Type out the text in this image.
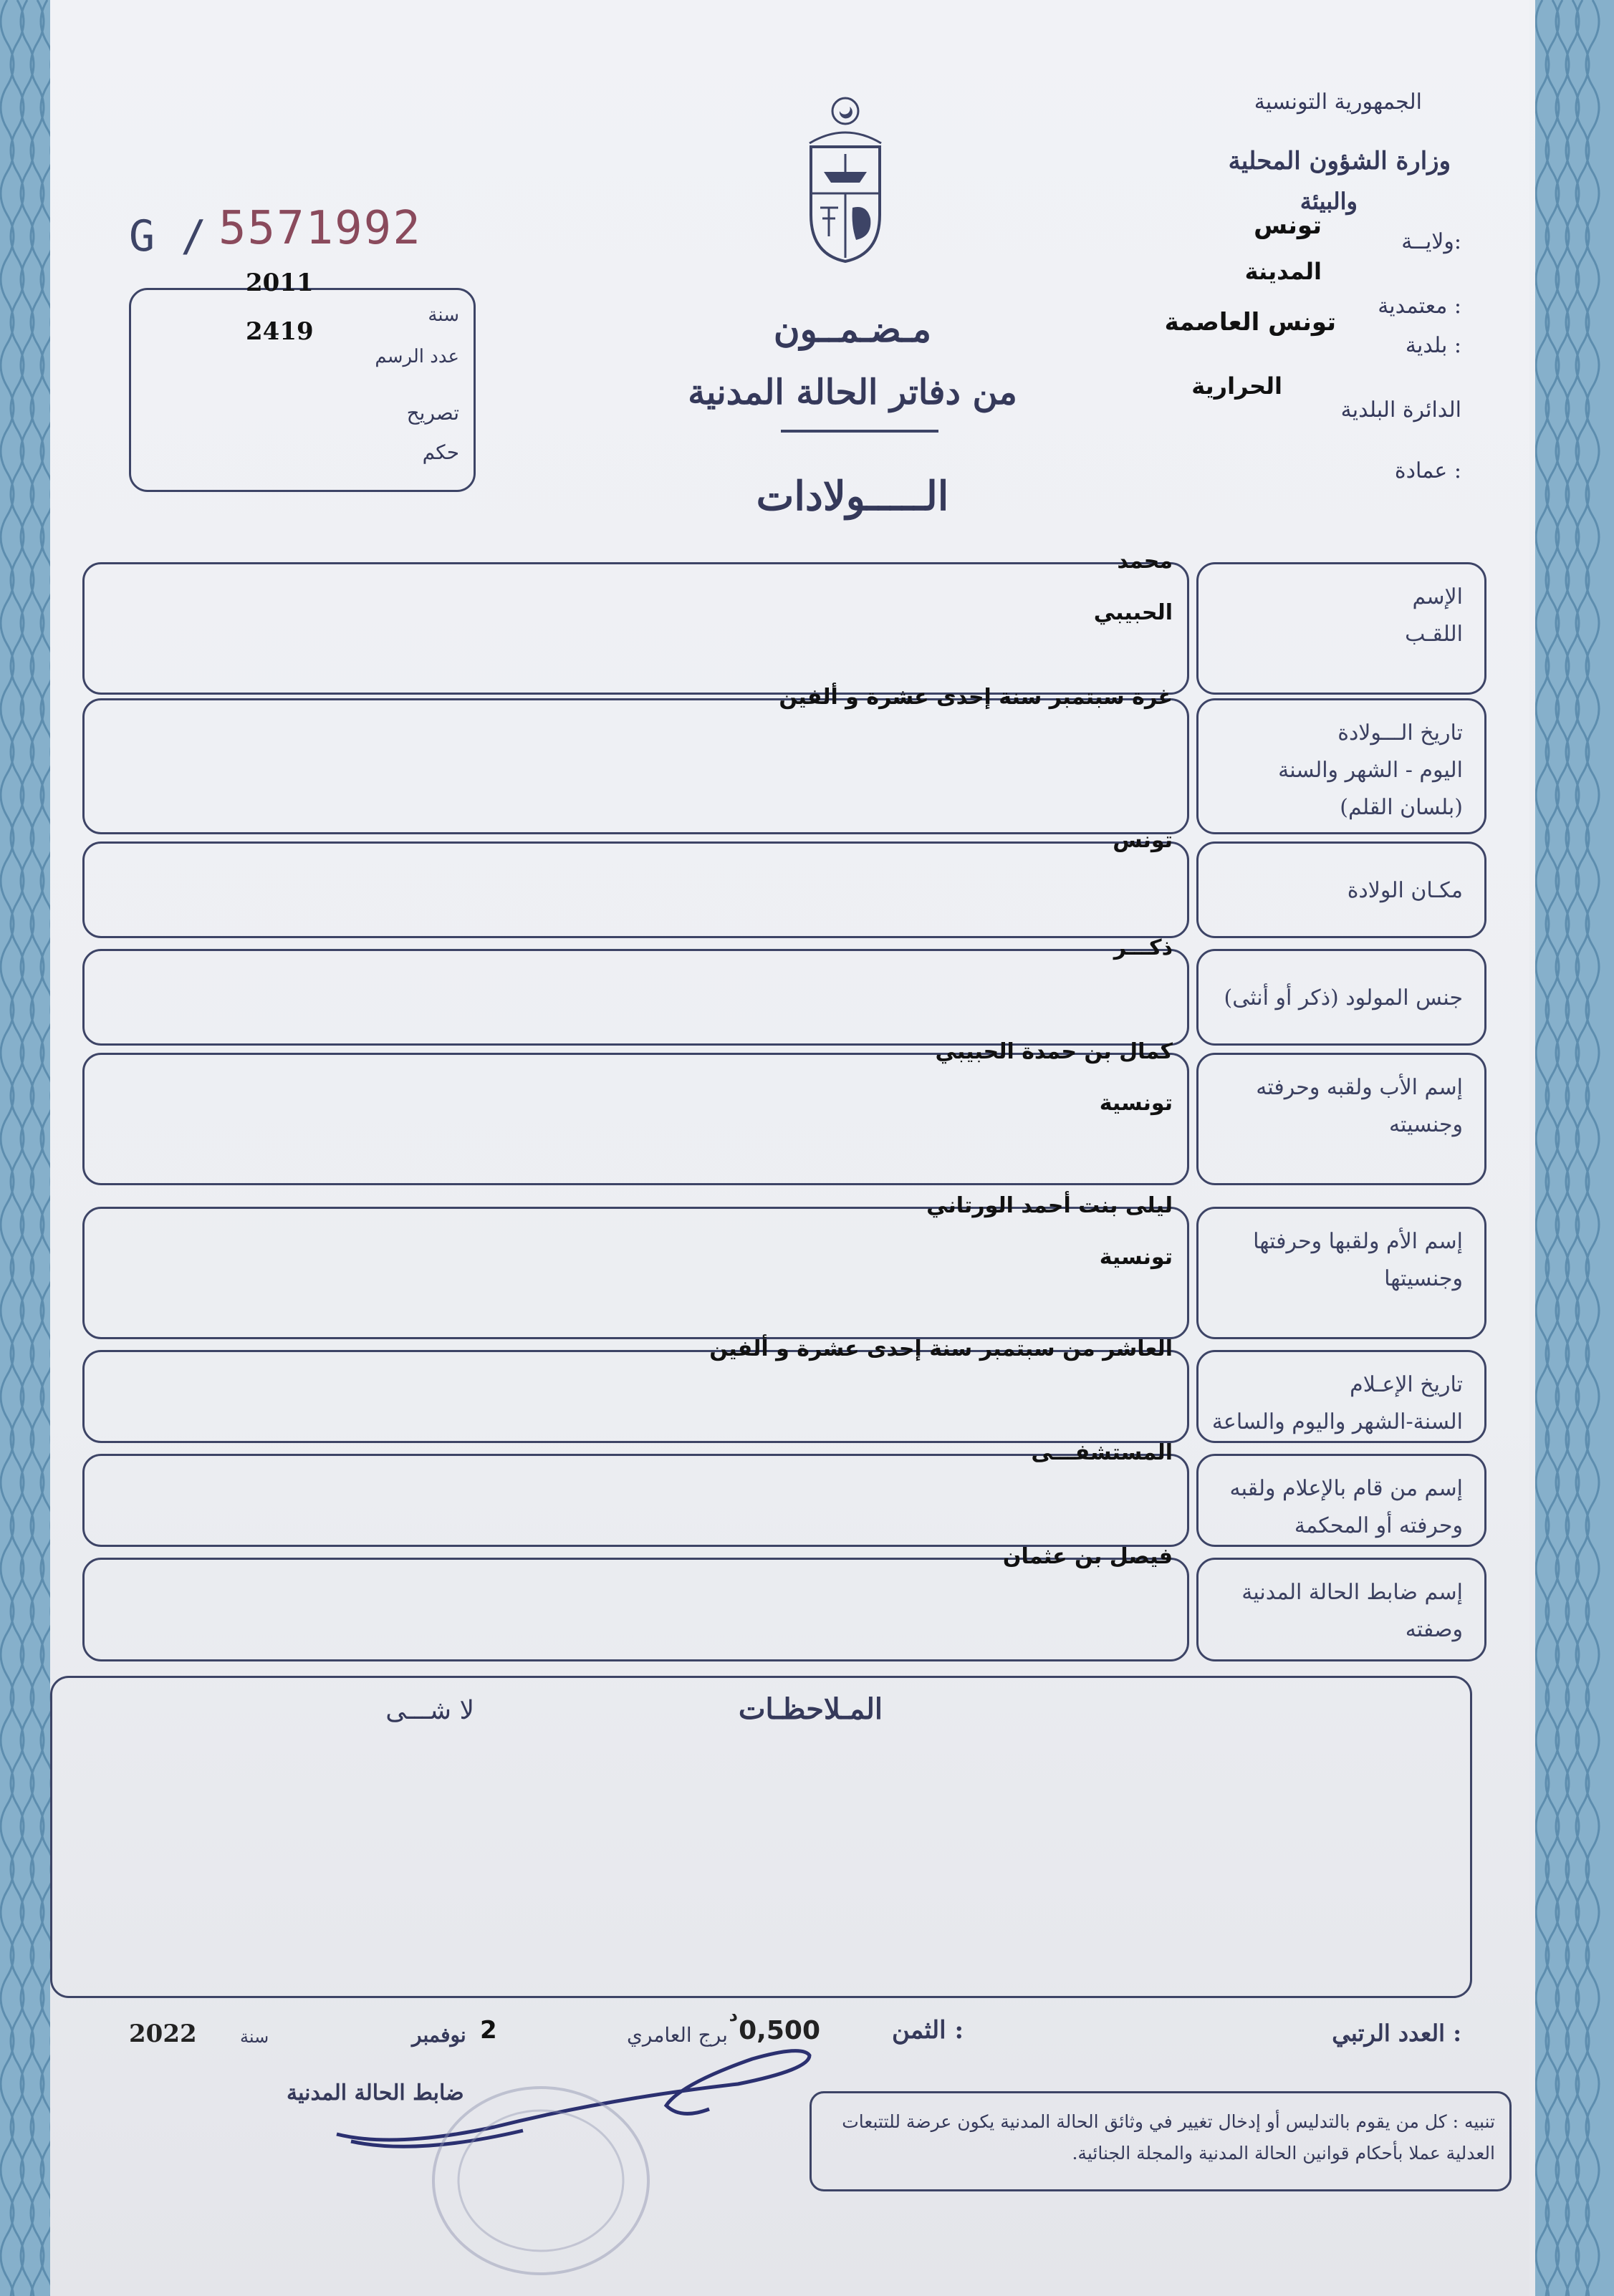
الجمهورية التونسية
وزارة الشؤون المحلية
والبيئة
ولايــة:
تونس
المدينة
معتمدية :
تونس العاصمة
بلدية :
الحرارية
الدائرة البلدية
عمادة :
G / 5571992
2011
2419
سنة
عدد الرسم
تصريح
حكم
مـضـمــون
من دفاتر الحالة المدنية
الـــــولادات
محمد
الحبيبي
الإسم
اللقـب
غرة سبتمبر سنة إحدى عشرة و ألفين
تاريخ الـــولادة
اليوم - الشهر والسنة
(بلسان القلم)
تونس
مكـان الولادة
ذكـــر
جنس المولود (ذكر أو أنثى)
كمال بن حمدة الحبيبي
تونسية
إسم الأب ولقبه وحرفته
وجنسيته
ليلى بنت أحمد الورتاني
تونسية
إسم الأم ولقبها وحرفتها
وجنسيتها
العاشر من سبتمبر سنة إحدى عشرة و ألفين
تاريخ الإعـلام
السنة-الشهر واليوم والساعة
المستشفـــى
إسم من قام بالإعلام ولقبه
وحرفته أو المحكمة
فيصل بن عثمان
إسم ضابط الحالة المدنية
وصفته
المـلاحظـات
لا شـــى
العدد الرتبي :
الثمن :
0,500
د
برج العامري
2
نوفمبر
سنة
2022
ضابط الحالة المدنية
تنبيه : كل من يقوم بالتدليس أو إدخال تغيير في وثائق الحالة المدنية يكون عرضة للتتبعات العدلية عملا بأحكام قوانين الحالة المدنية والمجلة الجنائية.
